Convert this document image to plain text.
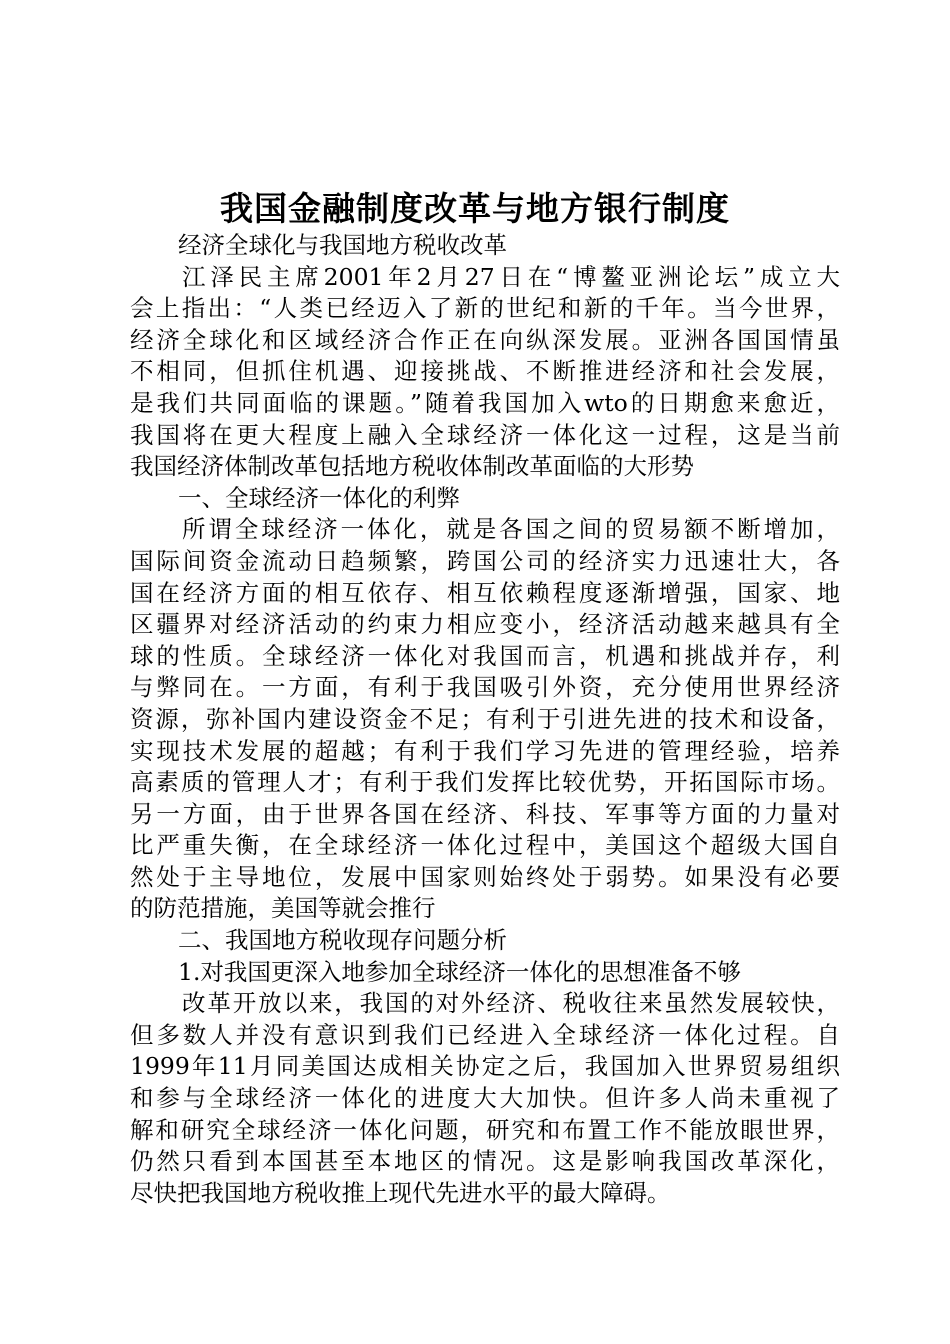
我国金融制度改革与地方银行制度
经济全球化与我国地方税收改革
江泽民主席2001年2月27日在“博鳌亚洲论坛”成立大
会上指出：“人类已经迈入了新的世纪和新的千年。当今世界，
经济全球化和区域经济合作正在向纵深发展。亚洲各国国情虽
不相同，但抓住机遇、迎接挑战、不断推进经济和社会发展，
是我们共同面临的课题。”随着我国加入wto的日期愈来愈近，
我国将在更大程度上融入全球经济一体化这一过程，这是当前
我国经济体制改革包括地方税收体制改革面临的大形势
一、全球经济一体化的利弊
所谓全球经济一体化，就是各国之间的贸易额不断增加，
国际间资金流动日趋频繁，跨国公司的经济实力迅速壮大，各
国在经济方面的相互依存、相互依赖程度逐渐增强，国家、地
区疆界对经济活动的约束力相应变小，经济活动越来越具有全
球的性质。全球经济一体化对我国而言，机遇和挑战并存，利
与弊同在。一方面，有利于我国吸引外资，充分使用世界经济
资源，弥补国内建设资金不足；有利于引进先进的技术和设备，
实现技术发展的超越；有利于我们学习先进的管理经验，培养
高素质的管理人才；有利于我们发挥比较优势，开拓国际市场。
另一方面，由于世界各国在经济、科技、军事等方面的力量对
比严重失衡，在全球经济一体化过程中，美国这个超级大国自
然处于主导地位，发展中国家则始终处于弱势。如果没有必要
的防范措施，美国等就会推行
二、我国地方税收现存问题分析
1.对我国更深入地参加全球经济一体化的思想准备不够
改革开放以来，我国的对外经济、税收往来虽然发展较快，
但多数人并没有意识到我们已经进入全球经济一体化过程。自
1999年11月同美国达成相关协定之后，我国加入世界贸易组织
和参与全球经济一体化的进度大大加快。但许多人尚未重视了
解和研究全球经济一体化问题，研究和布置工作不能放眼世界，
仍然只看到本国甚至本地区的情况。这是影响我国改革深化，
尽快把我国地方税收推上现代先进水平的最大障碍。
